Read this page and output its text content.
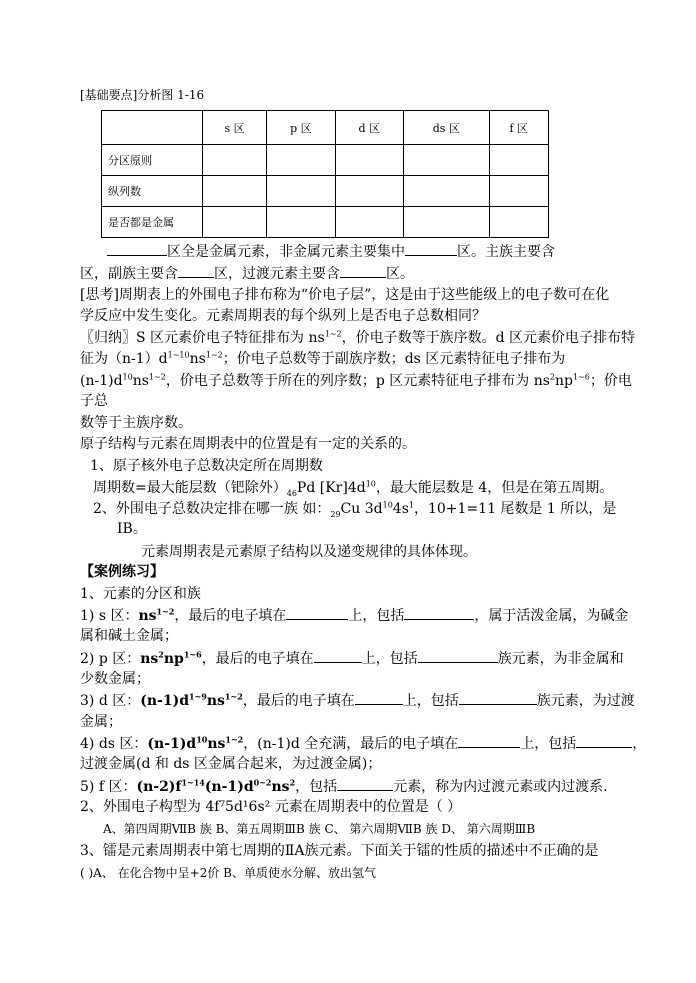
[基础要点]分析图 1-16
	s 区	p 区	d 区	ds 区	f 区
分区原则					
纵列数					
是否都是金属					
区全是金属元素，非金属元素主要集中	区。主族主要含
区，副族主要含	区，过渡元素主要含	区。
[思考]周期表上的外围电子排布称为“价电子层”，这是由于这些能级上的电子数可在化
学反应中发生变化。元素周期表的每个纵列上是否电子总数相同？
〖归纳〗S 区元素价电子特征排布为 $ns^{1\sim 2}$，价电子数等于族序数。d 区元素价电子排布特
征为$(n-1)d^{1\sim 10}ns^{1\sim 2}$；价电子总数等于副族序数；ds 区元素特征电子排布为
$(n-1)d^{10}ns^{1\sim 2}$，价电子总数等于所在的列序数；p 区元素特征电子排布为 $ns^2np^{1\sim 6}$；价电
子总
数等于主族序数。
原子结构与元素在周期表中的位置是有一定的关系的。
1、原子核外电子总数决定所在周期数
周期数=最大能层数（钯除外）$_{46}Pd$ $[Kr]4d^{10}$，最大能层数是 4，但是在第五周期。
2、外围电子总数决定排在哪一族 如：$_{29}$Cu $3d^{10}4s^1$，10+1=11 尾数是 1 所以，是
IB。
元素周期表是元素原子结构以及递变规律的具体体现。
【案例练习】
1、元素的分区和族
1) s 区：$ns^{1\sim 2}$，最后的电子填在	上，包括	，属于活泼金属，为碱金
属和碱土金属；
2) p 区：$ns^2np^{1\sim 6}$，最后的电子填在	上，包括	族元素，为非金属和
少数金属；
3) d 区：$(n-1)d^{1\sim 9}ns^{1\sim 2}$，最后的电子填在	上，包括	族元素，为过渡
金属；
4) ds 区：$(n-1)d^{10}ns^{1\sim 2}$，(n-1)d 全充满，最后的电子填在	上，包括	，
过渡金属(d 和 ds 区金属合起来，为过渡金属)；
5) f 区：$(n-2)f^{1\sim 14}(n-1)d^{0\sim 2}ns^2$，包括	元素，称为内过渡元素或内过渡系.
2、外围电子构型为 4f⁷5d¹6s² 元素在周期表中的位置是（ ）
A、第四周期ⅦB 族 B、第五周期ⅢB 族 C、 第六周期ⅦB 族 D、 第六周期ⅢB
3、镭是元素周期表中第七周期的ⅡA族元素。下面关于镭的性质的描述中不正确的是
( )A、 在化合物中呈+2价 B、单质使水分解、放出氢气
